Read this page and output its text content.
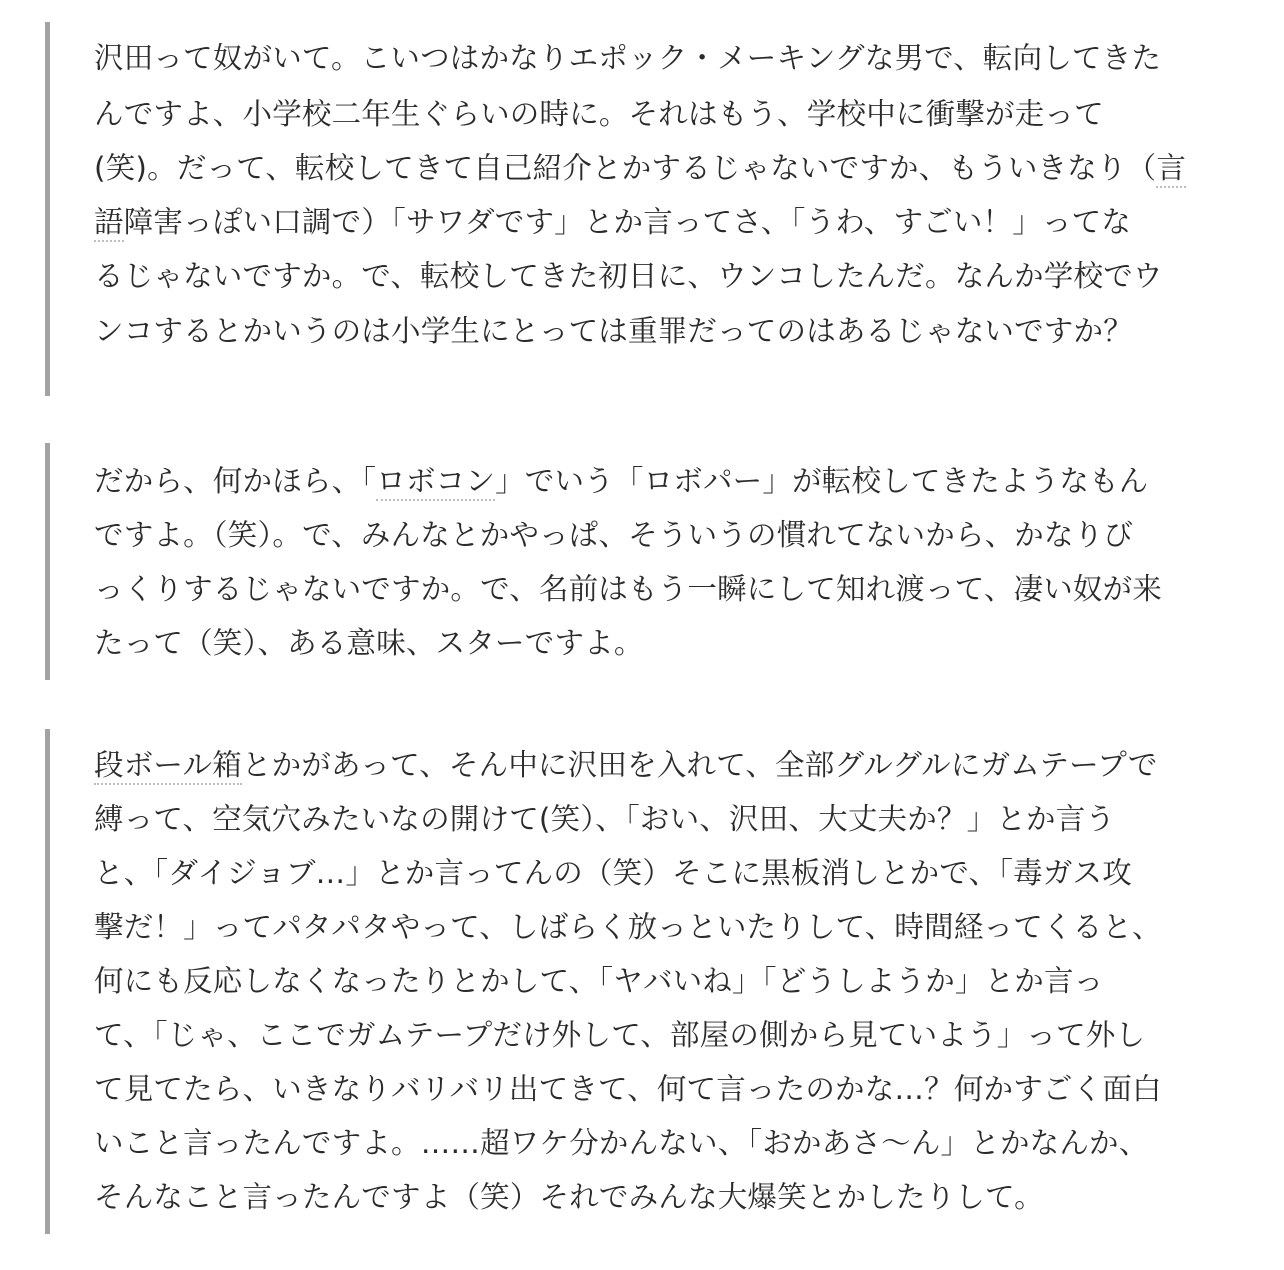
沢田って奴がいて。こいつはかなりエポック・メーキングな男で、転向してきた
んですよ、小学校二年生ぐらいの時に。それはもう、学校中に衝撃が走って
(笑)。だって、転校してきて自己紹介とかするじゃないですか、もういきなり（言
語障害っぽい口調で）「サワダです」とか言ってさ、「うわ、すごい！」ってな
るじゃないですか。で、転校してきた初日に、ウンコしたんだ。なんか学校でウ
ンコするとかいうのは小学生にとっては重罪だってのはあるじゃないですか？
だから、何かほら、「ロボコン」でいう「ロボパー」が転校してきたようなもん
ですよ。（笑）。で、みんなとかやっぱ、そういうの慣れてないから、かなりび
っくりするじゃないですか。で、名前はもう一瞬にして知れ渡って、凄い奴が来
たって（笑）、ある意味、スターですよ。
段ボール箱とかがあって、そん中に沢田を入れて、全部グルグルにガムテープで
縛って、空気穴みたいなの開けて(笑）、「おい、沢田、大丈夫か？」とか言う
と、「ダイジョブ…」とか言ってんの（笑）そこに黒板消しとかで、「毒ガス攻
撃だ！」ってパタパタやって、しばらく放っといたりして、時間経ってくると、
何にも反応しなくなったりとかして、「ヤバいね」「どうしようか」とか言っ
て、「じゃ、ここでガムテープだけ外して、部屋の側から見ていよう」って外し
て見てたら、いきなりバリバリ出てきて、何て言ったのかな…？何かすごく面白
いこと言ったんですよ。……超ワケ分かんない、「おかあさ〜ん」とかなんか、
そんなこと言ったんですよ（笑）それでみんな大爆笑とかしたりして。
